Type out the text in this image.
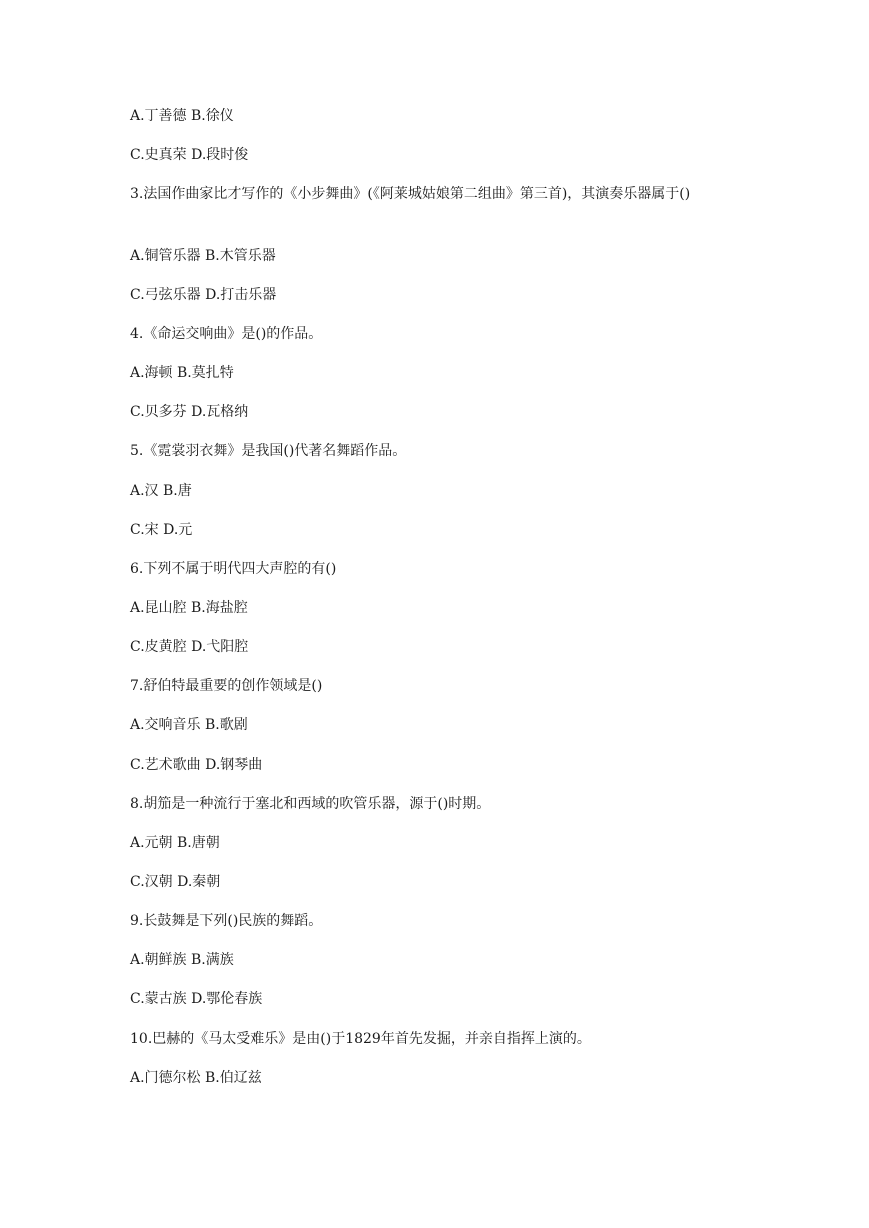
A.丁善德 B.徐仪
C.史真荣 D.段时俊
3.法国作曲家比才写作的《小步舞曲》(《阿莱城姑娘第二组曲》第三首)，其演奏乐器属于()
A.铜管乐器 B.木管乐器
C.弓弦乐器 D.打击乐器
4.《命运交响曲》是()的作品。
A.海顿 B.莫扎特
C.贝多芬 D.瓦格纳
5.《霓裳羽衣舞》是我国()代著名舞蹈作品。
A.汉 B.唐
C.宋 D.元
6.下列不属于明代四大声腔的有()
A.昆山腔 B.海盐腔
C.皮黄腔 D.弋阳腔
7.舒伯特最重要的创作领域是()
A.交响音乐 B.歌剧
C.艺术歌曲 D.钢琴曲
8.胡笳是一种流行于塞北和西域的吹管乐器，源于()时期。
A.元朝 B.唐朝
C.汉朝 D.秦朝
9.长鼓舞是下列()民族的舞蹈。
A.朝鲜族 B.满族
C.蒙古族 D.鄂伦春族
10.巴赫的《马太受难乐》是由()于1829年首先发掘，并亲自指挥上演的。
A.门德尔松 B.伯辽兹
